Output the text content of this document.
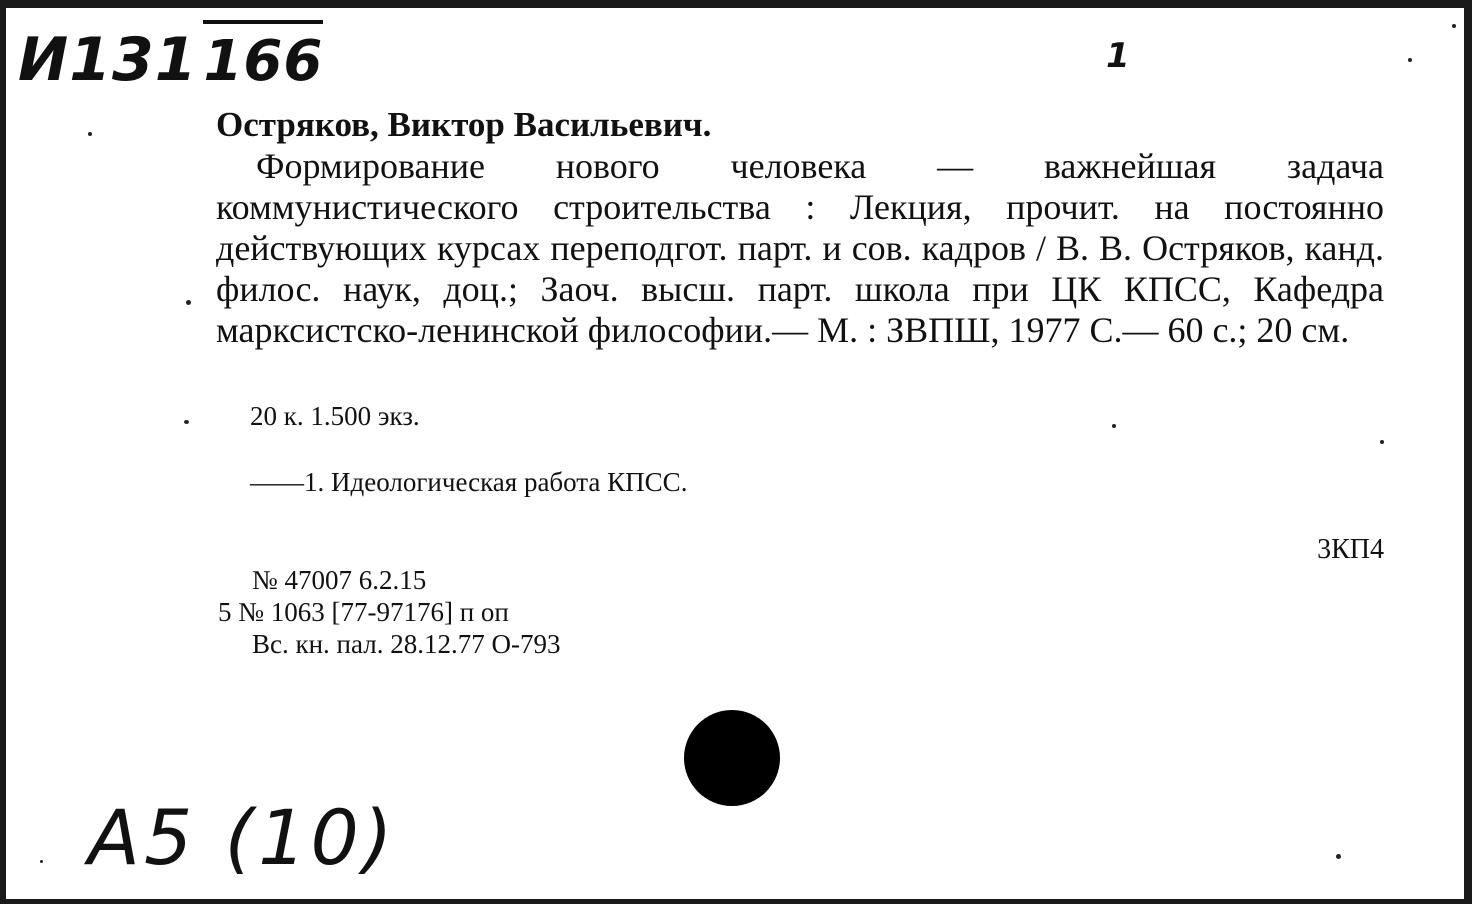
И131 166	1

Остряков, Виктор Васильевич.

Формирование нового человека — важнейшая задача коммунистического строительства : Лекция, прочит. на постоянно действующих курсах переподгот. парт. и сов. кадров / В. В. Остряков, канд. филос. наук, доц.; Заоч. высш. парт. школа при ЦК КПСС, Кафедра марксистско-ленинской философии.— М. : ЗВПШ, 1977 С.— 60 с.; 20 см.

20 к. 1.500 экз.
——1. Идеологическая работа КПСС.
3КП4
№ 47007 6.2.15
5 № 1063 [77-97176] п оп
Вс. кн. пал. 28.12.77 О-793
А5 (10)
